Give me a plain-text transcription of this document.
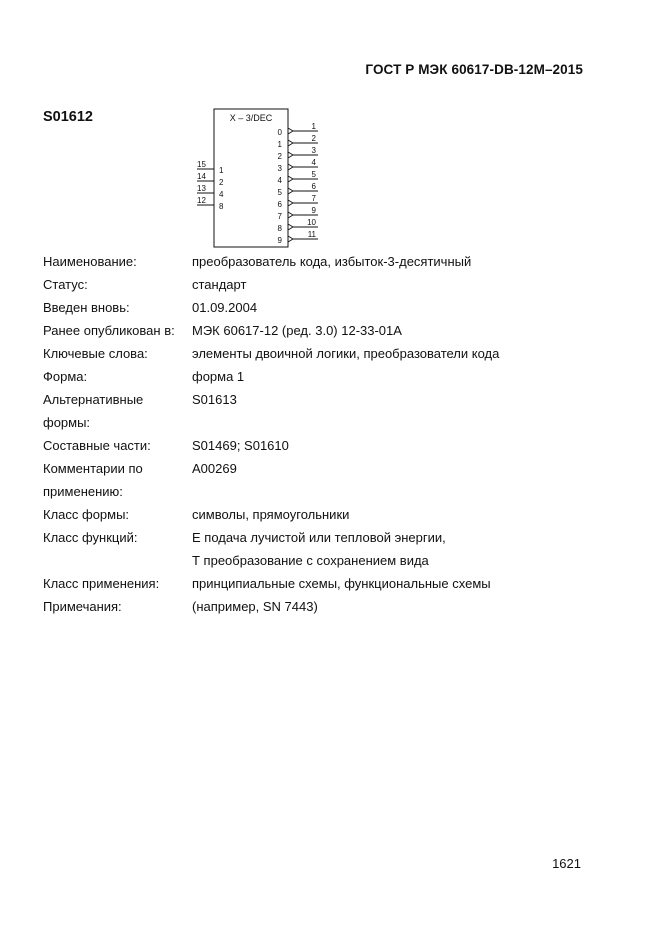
ГОСТ Р МЭК 60617-DB-12М–2015
S01612	X – 3/DEC
15
1
14
2
13
4
12
8
0
1
1
2
2
3
3
4
4
5
5
6
6
7
7
9
8
10
9
11
Наименование:	преобразователь кода, избыток-3-десятичный
Статус:	стандарт
Введен вновь:	01.09.2004
Ранее опубликован в:	МЭК 60617-12 (ред. 3.0) 12-33-01А
Ключевые слова:	элементы двоичной логики, преобразователи кода
Форма:	форма 1
Альтернативные
формы:
S01613
Составные части:	S01469; S01610
Комментарии по
применению:
A00269
Класс формы:	символы, прямоугольники
Класс функций:	Е подача лучистой или тепловой энергии,
Т преобразование с сохранением вида
Класс применения:	принципиальные схемы, функциональные схемы
Примечания:	(например, SN 7443)
1621
